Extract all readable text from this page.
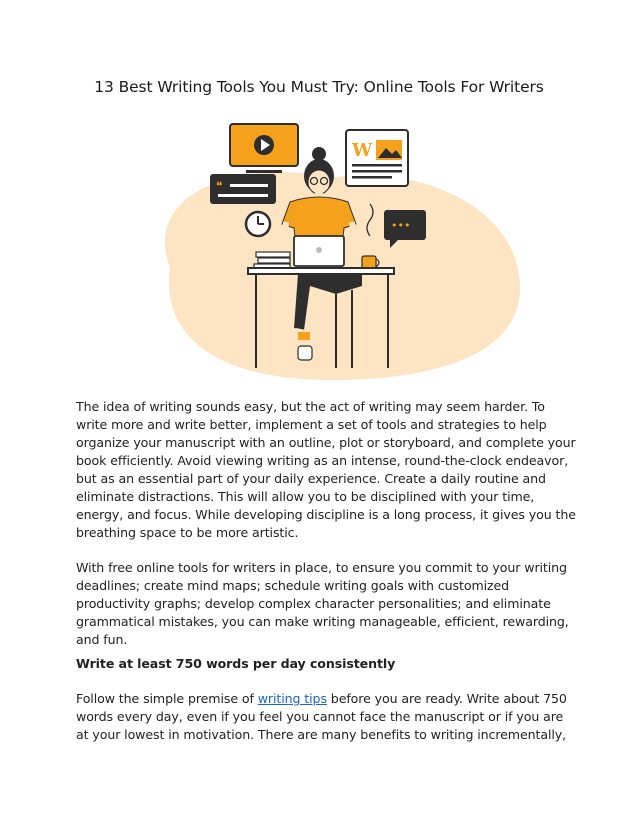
13 Best Writing Tools You Must Try: Online Tools For Writers
❝
W
•••

The idea of writing sounds easy, but the act of writing may seem harder. To write more and write better, implement a set of tools and strategies to help organize your manuscript with an outline, plot or storyboard, and complete your book efficiently. Avoid viewing writing as an intense, round-the-clock endeavor, but as an essential part of your daily experience. Create a daily routine and eliminate distractions. This will allow you to be disciplined with your time, energy, and focus. While developing discipline is a long process, it gives you the breathing space to be more artistic.

With free online tools for writers in place, to ensure you commit to your writing deadlines; create mind maps; schedule writing goals with customized productivity graphs; develop complex character personalities; and eliminate grammatical mistakes, you can make writing manageable, efficient, rewarding, and fun.

Write at least 750 words per day consistently

Follow the simple premise of writing tips before you are ready. Write about 750 words every day, even if you feel you cannot face the manuscript or if you are at your lowest in motivation. There are many benefits to writing incrementally,
